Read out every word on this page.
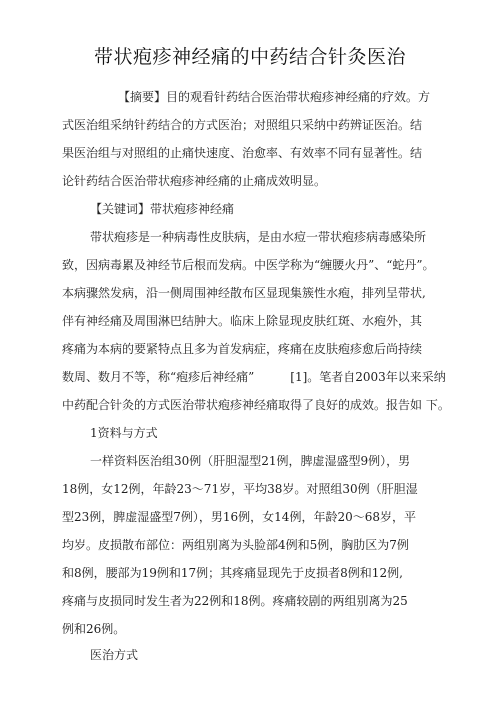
带状疱疹神经痛的中药结合针灸医治
【摘要】目的观看针药结合医治带状疱疹神经痛的疗效。方
式医治组采纳针药结合的方式医治；对照组只采纳中药辨证医治。结
果医治组与对照组的止痛快速度、治愈率、有效率不同有显著性。结
论针药结合医治带状疱疹神经痛的止痛成效明显。
【关键词】带状疱疹神经痛
带状疱疹是一种病毒性皮肤病，是由水痘一带状疱疹病毒感染所
致，因病毒累及神经节后根而发病。中医学称为“缠腰火丹”、“蛇丹”。
本病骤然发病，沿一侧周围神经散布区显现集簇性水疱，排列呈带状,
伴有神经痛及周围淋巴结肿大。临床上除显现皮肤红斑、水疱外，其
疼痛为本病的要紧特点且多为首发病症，疼痛在皮肤疱疹愈后尚持续
数周、数月不等，称“疱疹后神经痛”　　　[1]。笔者自2003年以来采纳
中药配合针灸的方式医治带状疱疹神经痛取得了良好的成效。报告如 下。
1资料与方式
一样资料医治组30例（肝胆湿型21例，脾虚湿盛型9例），男
18例，女12例，年龄23〜71岁，平均38岁。对照组30例（肝胆湿
型23例，脾虚湿盛型7例），男16例，女14例，年龄20〜68岁，平
均岁。皮损散布部位：两组别离为头脸部4例和5例，胸肋区为7例
和8例，腰部为19例和17例；其疼痛显现先于皮损者8例和12例,
疼痛与皮损同时发生者为22例和18例。疼痛较剧的两组别离为25
例和26例。
医治方式
